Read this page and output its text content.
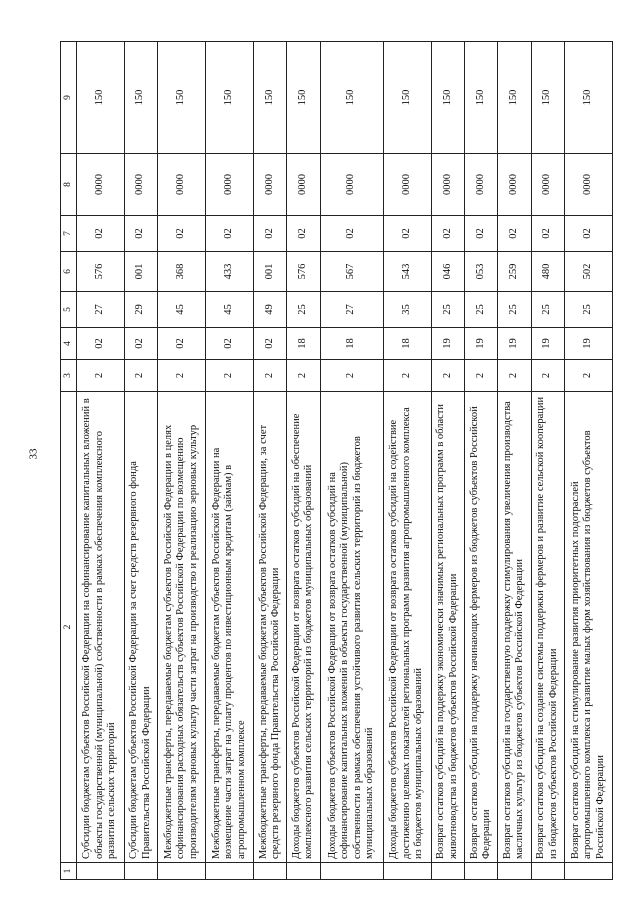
33
1	2	3	4	5	6	7	8	9
	Субсидии бюджетам субъектов Российской Федерации на софинансирование капитальных вложений в объекты государственной (муниципальной) собственности в рамках обеспечения комплексного развития сельских территорий	2	02	27	576	02	0000	150
	Субсидии бюджетам субъектов Российской Федерации за счет средств резервного фонда Правительства Российской Федерации	2	02	29	001	02	0000	150
	Межбюджетные трансферты, передаваемые бюджетам субъектов Российской Федерации в целях софинансирования расходных обязательств субъектов Российской Федерации по возмещению производителям зерновых культур части затрат на производство и реализацию зерновых культур	2	02	45	368	02	0000	150
	Межбюджетные трансферты, передаваемые бюджетам субъектов Российской Федерации на возмещение части затрат на уплату процентов по инвестиционным кредитам (займам) в агропромышленном комплексе	2	02	45	433	02	0000	150
	Межбюджетные трансферты, передаваемые бюджетам субъектов Российской Федерации, за счет средств резервного фонда Правительства Российской Федерации	2	02	49	001	02	0000	150
	Доходы бюджетов субъектов Российской Федерации от возврата остатков субсидий на обеспечение комплексного развития сельских территорий из бюджетов муниципальных образований	2	18	25	576	02	0000	150
	Доходы бюджетов субъектов Российской Федерации от возврата остатков субсидий на софинансирование капитальных вложений в объекты государственной (муниципальной) собственности в рамках обеспечения устойчивого развития сельских территорий из бюджетов муниципальных образований	2	18	27	567	02	0000	150
	Доходы бюджетов субъектов Российской Федерации от возврата остатков субсидий на содействие достижению целевых показателей региональных программ развития агропромышленного комплекса из бюджетов муниципальных образований	2	18	35	543	02	0000	150
	Возврат остатков субсидий на поддержку экономически значимых региональных программ в области животноводства из бюджетов субъектов Российской Федерации	2	19	25	046	02	0000	150
	Возврат остатков субсидий на поддержку начинающих фермеров из бюджетов субъектов Российской Федерации	2	19	25	053	02	0000	150
	Возврат остатков субсидий на государственную поддержку стимулирования увеличения производства масличных культур из бюджетов субъектов Российской Федерации	2	19	25	259	02	0000	150
	Возврат остатков субсидий на создание системы поддержки фермеров и развитие сельской кооперации из бюджетов субъектов Российской Федерации	2	19	25	480	02	0000	150
	Возврат остатков субсидий на стимулирование развития приоритетных подотраслей агропромышленного комплекса и развитие малых форм хозяйствования из бюджетов субъектов Российской Федерации	2	19	25	502	02	0000	150
